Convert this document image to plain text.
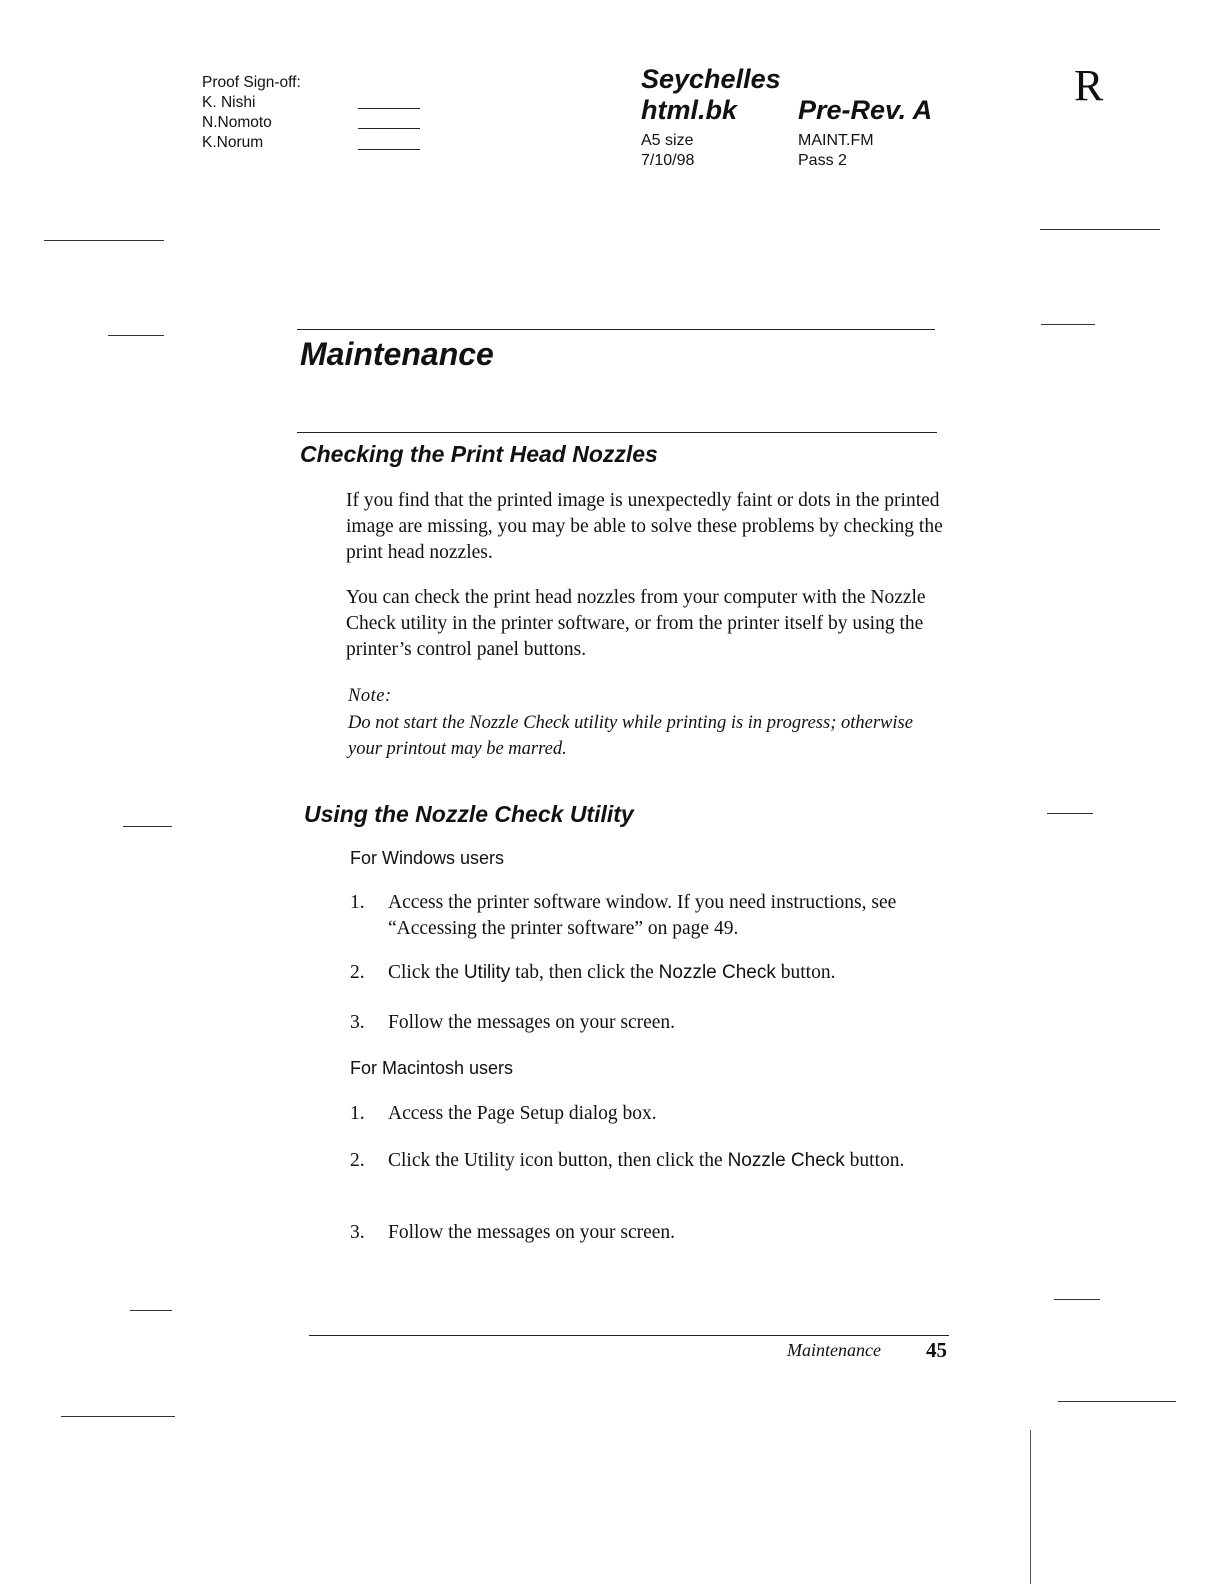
Proof Sign-off:
K. Nishi
N.Nomoto
K.Norum
Seychelles
html.bk Pre-Rev. A
A5 size
7/10/98
MAINT.FM
Pass 2
R
Maintenance
Checking the Print Head Nozzles
If you find that the printed image is unexpectedly faint or dots in the printed image are missing, you may be able to solve these problems by checking the print head nozzles.
You can check the print head nozzles from your computer with the Nozzle Check utility in the printer software, or from the printer itself by using the printer’s control panel buttons.
Note:
Do not start the Nozzle Check utility while printing is in progress; otherwise your printout may be marred.
Using the Nozzle Check Utility
For Windows users
1.	Access the printer software window. If you need instructions, see “Accessing the printer software” on page 49.
2.	Click the Utility tab, then click the Nozzle Check button.
3.	Follow the messages on your screen.
For Macintosh users
1.	Access the Page Setup dialog box.
2.	Click the Utility icon button, then click the Nozzle Check button.
3.	Follow the messages on your screen.
Maintenance 45
